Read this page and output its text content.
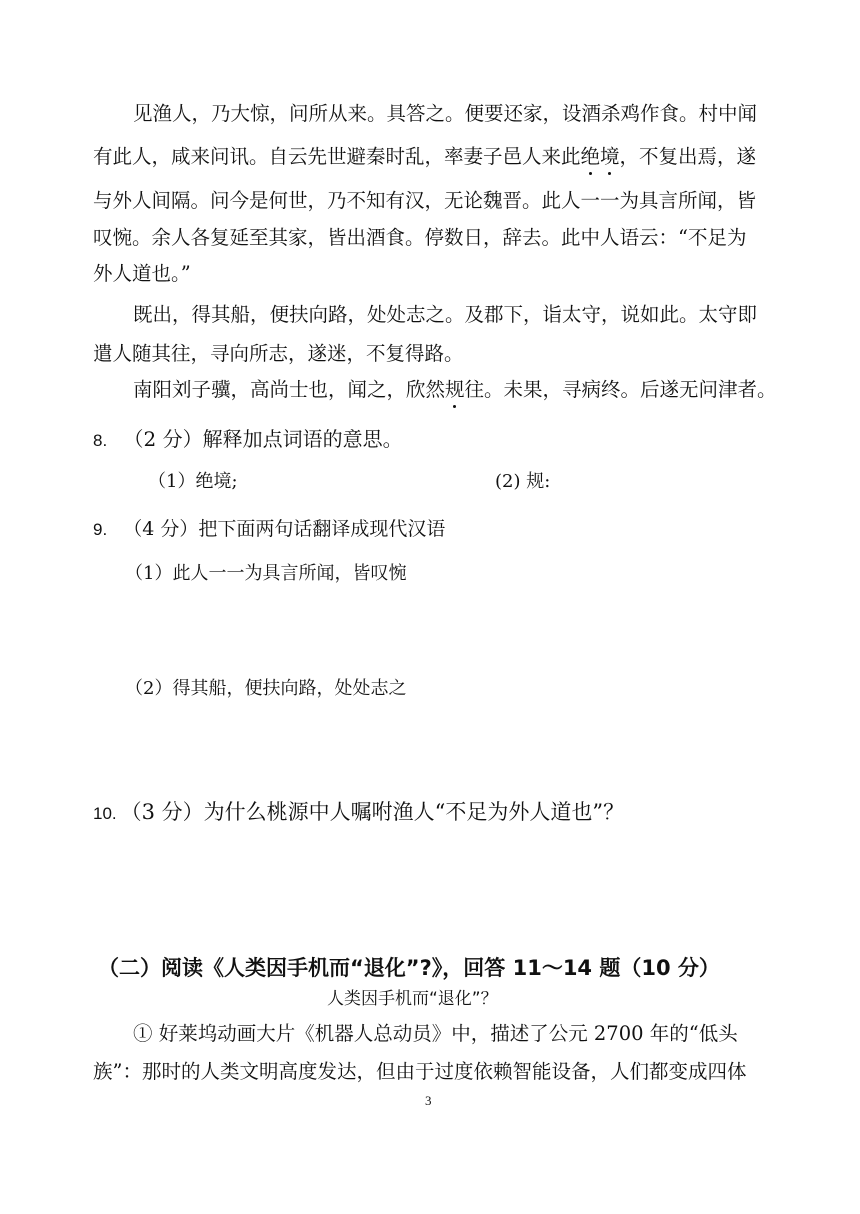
见渔人，乃大惊，问所从来。具答之。便要还家，设酒杀鸡作食。村中闻
有此人，咸来问讯。自云先世避秦时乱，率妻子邑人来此绝境，不复出焉，遂
与外人间隔。问今是何世，乃不知有汉，无论魏晋。此人一一为具言所闻，皆
叹惋。余人各复延至其家，皆出酒食。停数日，辞去。此中人语云：“不足为
外人道也。”
既出，得其船，便扶向路，处处志之。及郡下，诣太守，说如此。太守即
遣人随其往，寻向所志，遂迷，不复得路。
南阳刘子骥，高尚士也，闻之，欣然规往。未果，寻病终。后遂无问津者。
8. （2 分）解释加点词语的意思。
（1）绝境;	(2) 规:
9. （4 分）把下面两句话翻译成现代汉语
（1）此人一一为具言所闻，皆叹惋
（2）得其船，便扶向路，处处志之
10. （3 分）为什么桃源中人嘱咐渔人“不足为外人道也”？
（二）阅读《人类因手机而“退化”?》，回答 11～14 题（10 分）
人类因手机而“退化”？
① 好莱坞动画大片《机器人总动员》中，描述了公元 2700 年的“低头
族”：那时的人类文明高度发达，但由于过度依赖智能设备，人们都变成四体
3
